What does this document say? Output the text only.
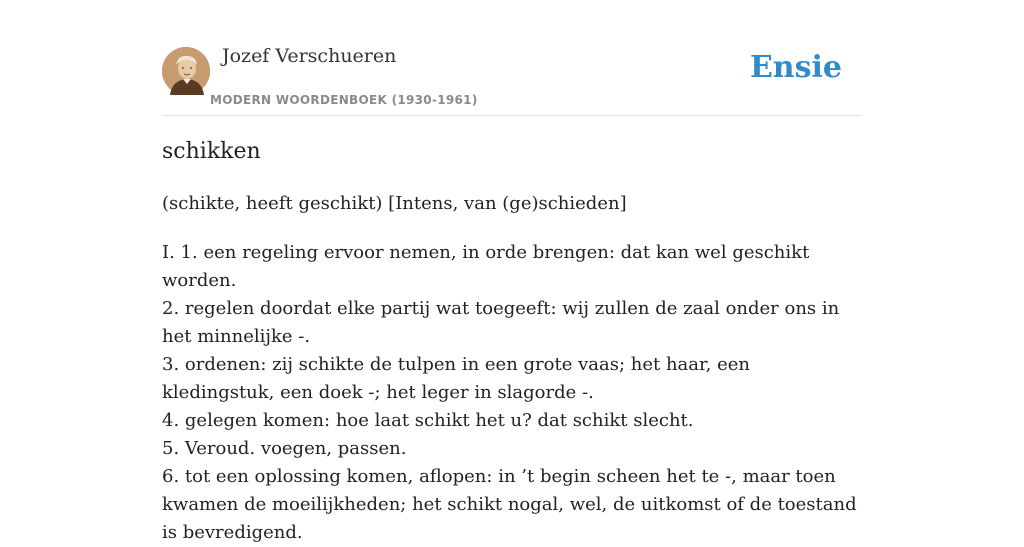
Jozef Verschueren
MODERN WOORDENBOEK (1930-1961)
Ensie
schikken
(schikte, heeft geschikt) [Intens, van (ge)schieden]
I. 1. een regeling ervoor nemen, in orde brengen: dat kan wel geschikt worden.
2. regelen doordat elke partij wat toegeeft: wij zullen de zaal onder ons in het minnelijke -.
3. ordenen: zij schikte de tulpen in een grote vaas; het haar, een kledingstuk, een doek -; het leger in slagorde -.
4. gelegen komen: hoe laat schikt het u? dat schikt slecht.
5. Veroud. voegen, passen.
6. tot een oplossing komen, aflopen: in ’t begin scheen het te -, maar toen kwamen de moeilijkheden; het schikt nogal, wel, de uitkomst of de toestand is bevredigend.
